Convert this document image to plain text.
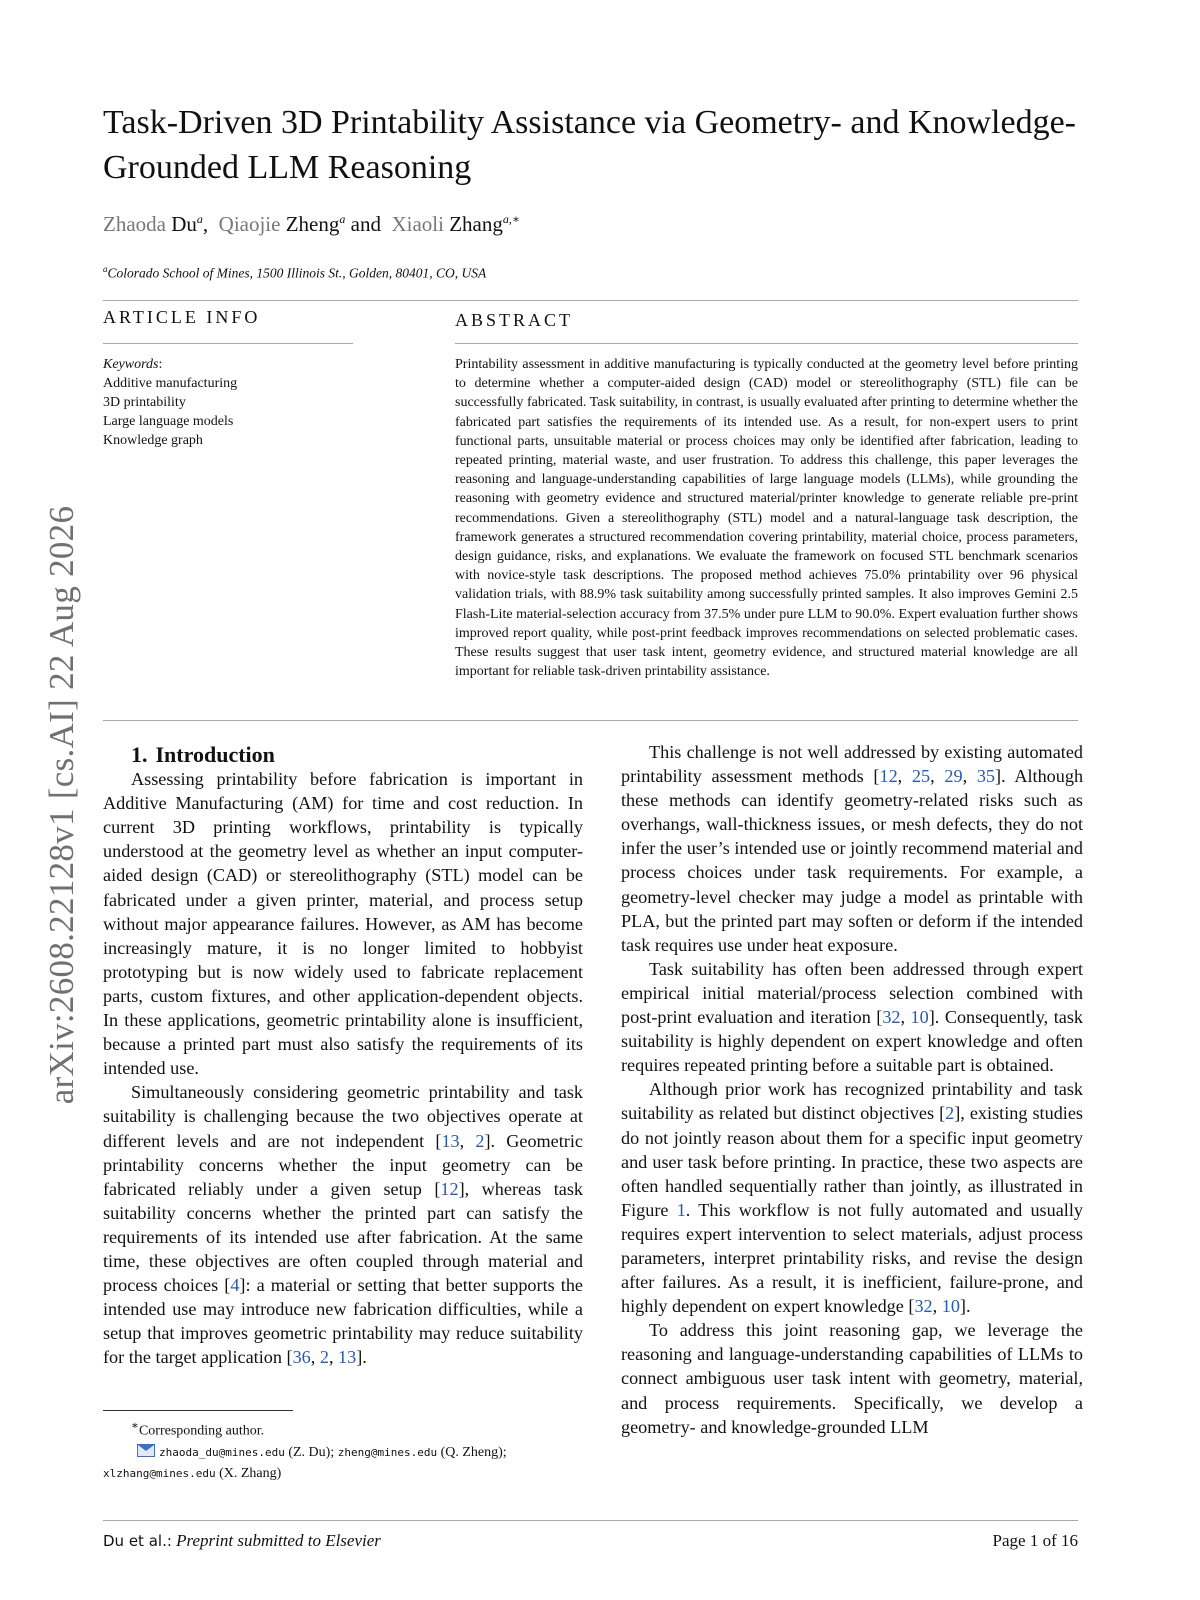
arXiv:2608.22128v1 [cs.AI] 22 Aug 2026
Task-Driven 3D Printability Assistance via Geometry- and Knowledge-Grounded LLM Reasoning
Zhaoda Du$^a$, Qiaojie Zheng$^a$ and Xiaoli Zhang$^{a,∗}$
$^a$Colorado School of Mines, 1500 Illinois St., Golden, 80401, CO, USA
ARTICLE INFO
Keywords:
Additive manufacturing
3D printability
Large language models
Knowledge graph
ABSTRACT
Printability assessment in additive manufacturing is typically conducted at the geometry level before printing to determine whether a computer-aided design (CAD) model or stereolithography (STL) file can be successfully fabricated. Task suitability, in contrast, is usually evaluated after printing to determine whether the fabricated part satisfies the requirements of its intended use. As a result, for non-expert users to print functional parts, unsuitable material or process choices may only be identified after fabrication, leading to repeated printing, material waste, and user frustration. To address this challenge, this paper leverages the reasoning and language-understanding capabilities of large language models (LLMs), while grounding the reasoning with geometry evidence and structured material/printer knowledge to generate reliable pre-print recommendations. Given a stereolithography (STL) model and a natural-language task description, the framework generates a structured recommendation covering printability, material choice, process parameters, design guidance, risks, and explanations. We evaluate the framework on focused STL benchmark scenarios with novice-style task descriptions. The proposed method achieves 75.0% printability over 96 physical validation trials, with 88.9% task suitability among successfully printed samples. It also improves Gemini 2.5 Flash-Lite material-selection accuracy from 37.5% under pure LLM to 90.0%. Expert evaluation further shows improved report quality, while post-print feedback improves recommendations on selected problematic cases. These results suggest that user task intent, geometry evidence, and structured material knowledge are all important for reliable task-driven printability assistance.

1. Introduction

Assessing printability before fabrication is important in Additive Manufacturing (AM) for time and cost reduction. In current 3D printing workflows, printability is typically understood at the geometry level as whether an input computer-aided design (CAD) or stereolithography (STL) model can be fabricated under a given printer, material, and process setup without major appearance failures. However, as AM has become increasingly mature, it is no longer limited to hobbyist prototyping but is now widely used to fabricate replacement parts, custom fixtures, and other application-dependent objects. In these applications, geometric printability alone is insufficient, because a printed part must also satisfy the requirements of its intended use.

Simultaneously considering geometric printability and task suitability is challenging because the two objectives operate at different levels and are not independent [13, 2]. Geometric printability concerns whether the input geometry can be fabricated reliably under a given setup [12], whereas task suitability concerns whether the printed part can satisfy the requirements of its intended use after fabrication. At the same time, these objectives are often coupled through material and process choices [4]: a material or setting that better supports the intended use may introduce new fabrication difficulties, while a setup that improves geometric printability may reduce suitability for the target application [36, 2, 13].

This challenge is not well addressed by existing automated printability assessment methods [12, 25, 29, 35]. Although these methods can identify geometry-related risks such as overhangs, wall-thickness issues, or mesh defects, they do not infer the user’s intended use or jointly recommend material and process choices under task requirements. For example, a geometry-level checker may judge a model as printable with PLA, but the printed part may soften or deform if the intended task requires use under heat exposure.

Task suitability has often been addressed through expert empirical initial material/process selection combined with post-print evaluation and iteration [32, 10]. Consequently, task suitability is highly dependent on expert knowledge and often requires repeated printing before a suitable part is obtained.

Although prior work has recognized printability and task suitability as related but distinct objectives [2], existing studies do not jointly reason about them for a specific input geometry and user task before printing. In practice, these two aspects are often handled sequentially rather than jointly, as illustrated in Figure 1. This workflow is not fully automated and usually requires expert intervention to select materials, adjust process parameters, interpret printability risks, and revise the design after failures. As a result, it is inefficient, failure-prone, and highly dependent on expert knowledge [32, 10].

To address this joint reasoning gap, we leverage the reasoning and language-understanding capabilities of LLMs to connect ambiguous user task intent with geometry, material, and process requirements. Specifically, we develop a geometry- and knowledge-grounded LLM

∗Corresponding author.
zhaoda_du@mines.edu (Z. Du); zheng@mines.edu (Q. Zheng);
xlzhang@mines.edu (X. Zhang)
Du et al.: Preprint submitted to Elsevier	Page 1 of 16
